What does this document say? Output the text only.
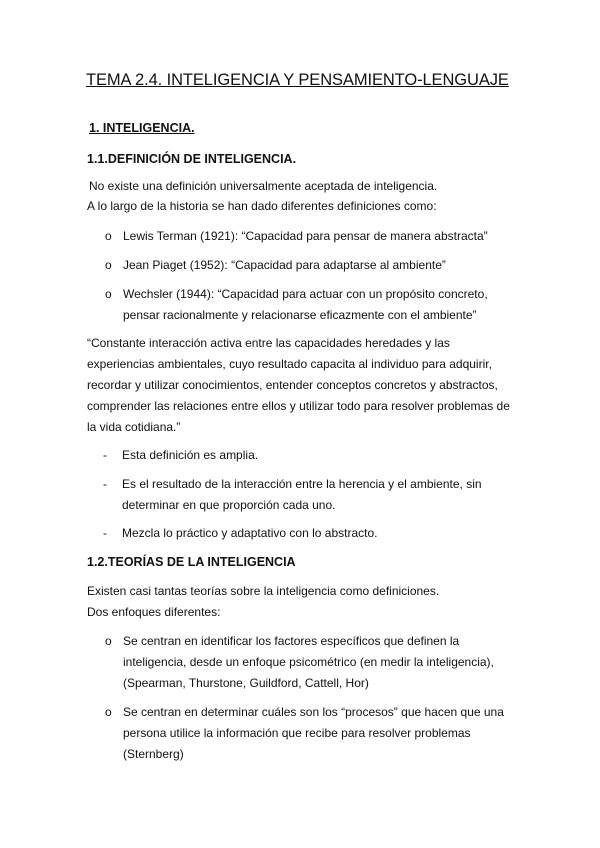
TEMA 2.4. INTELIGENCIA Y PENSAMIENTO-LENGUAJE
1. INTELIGENCIA.
1.1.DEFINICIÓN DE INTELIGENCIA.
No existe una definición universalmente aceptada de inteligencia.
A lo largo de la historia se han dado diferentes definiciones como:
o Lewis Terman (1921): “Capacidad para pensar de manera abstracta”
o Jean Piaget (1952): “Capacidad para adaptarse al ambiente”
o Wechsler (1944): “Capacidad para actuar con un propósito concreto,
pensar racionalmente y relacionarse eficazmente con el ambiente”
“Constante interacción activa entre las capacidades heredades y las
experiencias ambientales, cuyo resultado capacita al individuo para adquirir,
recordar y utilizar conocimientos, entender conceptos concretos y abstractos,
comprender las relaciones entre ellos y utilizar todo para resolver problemas de
la vida cotidiana.”
-	Esta definición es amplia.
-	Es el resultado de la interacción entre la herencia y el ambiente, sin
determinar en que proporción cada uno.
-	Mezcla lo práctico y adaptativo con lo abstracto.
1.2.TEORÍAS DE LA INTELIGENCIA
Existen casi tantas teorías sobre la inteligencia como definiciones.
Dos enfoques diferentes:
o Se centran en identificar los factores específicos que definen la
inteligencia, desde un enfoque psicométrico (en medir la inteligencia),
(Spearman, Thurstone, Guildford, Cattell, Hor)
o Se centran en determinar cuáles son los “procesos” que hacen que una
persona utilice la información que recibe para resolver problemas
(Sternberg)
